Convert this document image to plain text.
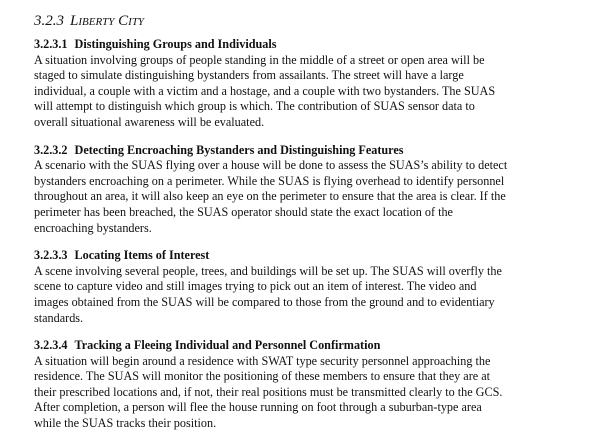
3.2.3 Liberty City
3.2.3.1 Distinguishing Groups and Individuals
A situation involving groups of people standing in the middle of a street or open area will be
staged to simulate distinguishing bystanders from assailants. The street will have a large
individual, a couple with a victim and a hostage, and a couple with two bystanders. The SUAS
will attempt to distinguish which group is which. The contribution of SUAS sensor data to
overall situational awareness will be evaluated.
3.2.3.2 Detecting Encroaching Bystanders and Distinguishing Features
A scenario with the SUAS flying over a house will be done to assess the SUAS’s ability to detect
bystanders encroaching on a perimeter. While the SUAS is flying overhead to identify personnel
throughout an area, it will also keep an eye on the perimeter to ensure that the area is clear. If the
perimeter has been breached, the SUAS operator should state the exact location of the
encroaching bystanders.
3.2.3.3 Locating Items of Interest
A scene involving several people, trees, and buildings will be set up. The SUAS will overfly the
scene to capture video and still images trying to pick out an item of interest. The video and
images obtained from the SUAS will be compared to those from the ground and to evidentiary
standards.
3.2.3.4 Tracking a Fleeing Individual and Personnel Confirmation
A situation will begin around a residence with SWAT type security personnel approaching the
residence. The SUAS will monitor the positioning of these members to ensure that they are at
their prescribed locations and, if not, their real positions must be transmitted clearly to the GCS.
After completion, a person will flee the house running on foot through a suburban-type area
while the SUAS tracks their position.
